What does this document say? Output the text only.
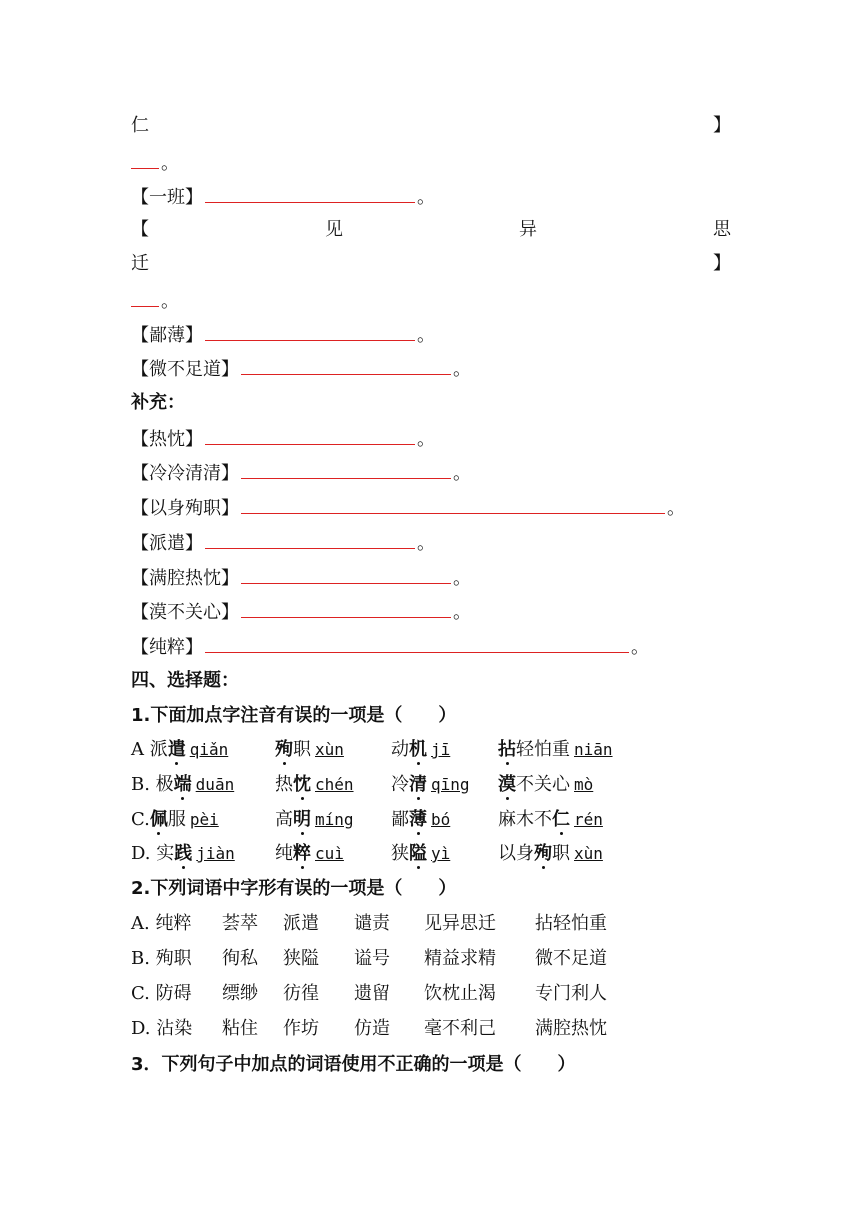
仁	】
。
【一班】	。
【	见	异	思
迁	】
。
【鄙薄】	。
【微不足道】	。
补充：
【热忱】	。
【冷冷清清】	。
【以身殉职】	。
【派遣】	。
【满腔热忱】	。
【漠不关心】	。
【纯粹】	。
四、选择题：
1.下面加点字注音有误的一项是（　　）
A 派遣 qiǎn	殉职 xùn	动机 jī	拈轻怕重 niān
B. 极端 duān 热忱 chén 冷清 qīng 漠不关心 mò
C.佩服 pèi	高明 míng 鄙薄 bó	麻木不仁 rén
D. 实践 jiàn 纯粹 cuì	狭隘 yì	以身殉职 xùn
2.下列词语中字形有误的一项是（　　）
A. 纯粹 荟萃 派遣 谴责 见异思迁 拈轻怕重
B. 殉职 徇私 狭隘 谥号 精益求精 微不足道
C. 防碍 缥缈 彷徨 遗留 饮枕止渴 专门利人
D. 沾染 粘住 作坊 仿造 毫不利己 满腔热忱
3．下列句子中加点的词语使用不正确的一项是（　　）
